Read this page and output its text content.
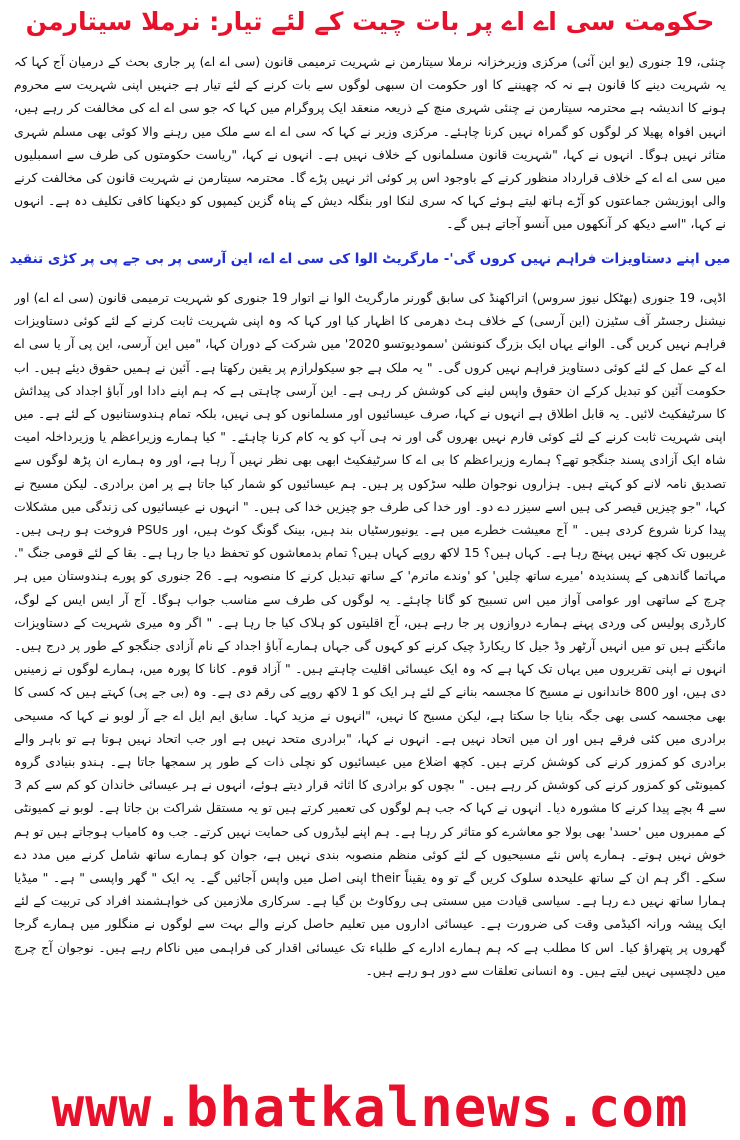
حکومت سی اے اے پر بات چیت کے لئے تیار: نرملا سیتارمن

چنئی، 19 جنوری (یو این آئی) مرکزی وزیرخزانہ نرملا سیتارمن نے شہریت ترمیمی قانون (سی اے اے) پر جاری بحث کے درمیان آج کہا کہ یہ شہریت دینے کا قانون ہے نہ کہ چھیننے کا اور حکومت ان سبھی لوگوں سے بات کرنے کے لئے تیار ہے جنہیں اپنی شہریت سے محروم ہونے کا اندیشہ ہے محترمہ سیتارمن نے چنئی شہری منچ کے ذریعہ منعقد ایک پروگرام میں کہا کہ جو سی اے اے کی مخالفت کر رہے ہیں، انہیں افواہ پھیلا کر لوگوں کو گمراہ نہیں کرنا چاہئے۔ مرکزی وزیر نے کہا کہ سی اے اے سے ملک میں رہنے والا کوئی بھی مسلم شہری متاثر نہیں ہوگا۔ انہوں نے کہا، "شہریت قانون مسلمانوں کے خلاف نہیں ہے۔ انہوں نے کہا، "ریاست حکومتوں کی طرف سے اسمبلیوں میں سی اے اے کے خلاف قرارداد منظور کرنے کے باوجود اس پر کوئی اثر نہیں پڑے گا۔ محترمہ سیتارمن نے شہریت قانون کی مخالفت کرنے والی اپوزیشن جماعتوں کو آڑے ہاتھ لیتے ہوئے کہا کہ سری لنکا اور بنگلہ دیش کے پناہ گزین کیمپوں کو دیکھنا کافی تکلیف دہ ہے۔ انہوں نے کہا، "اسے دیکھ کر آنکھوں میں آنسو آجاتے ہیں گے۔

میں اپنے دستاویزات فراہم نہیں کروں گی'- مارگریٹ الوا کی سی اے اے، این آرسی پر بی جے پی پر کڑی تنقید

اڈپی، 19 جنوری (بھٹکل نیوز سروس) اتراکھنڈ کی سابق گورنر مارگریٹ الوا نے اتوار 19 جنوری کو شہریت ترمیمی قانون (سی اے اے) اور نیشنل رجسٹر آف سٹیزن (این آرسی) کے خلاف ہٹ دھرمی کا اظہار کیا اور کہا کہ وہ اپنی شہریت ثابت کرنے کے لئے کوئی دستاویزات فراہم نہیں کریں گی۔ الوانے یہاں ایک بزرگ کنونشن 'سمودیوتسو 2020' میں شرکت کے دوران کہا، "میں این آرسی، این پی آر یا سی اے اے کے عمل کے لئے کوئی دستاویز فراہم نہیں کروں گی۔ " یہ ملک ہے جو سیکولرازم پر یقین رکھتا ہے۔ آئین نے ہمیں حقوق دیئے ہیں۔ اب حکومت آئین کو تبدیل کرکے ان حقوق واپس لینے کی کوشش کر رہی ہے۔ این آرسی چاہتی ہے کہ ہم اپنے دادا اور آباؤ اجداد کی پیدائش کا سرٹیفکیٹ لائیں۔ یہ قابل اطلاق ہے انہوں نے کہا، صرف عیسائیوں اور مسلمانوں کو ہی نہیں، بلکہ تمام ہندوستانیوں کے لئے ہے۔ میں اپنی شہریت ثابت کرنے کے لئے کوئی فارم نہیں بھروں گی اور نہ ہی آپ کو یہ کام کرنا چاہئے۔ " کیا ہمارے وزیراعظم یا وزیرداخلہ امیت شاہ ایک آزادی پسند جنگجو تھے؟ ہمارے وزیراعظم کا بی اے کا سرٹیفکیٹ ابھی بھی نظر نہیں آ رہا ہے، اور وہ ہمارے ان پڑھ لوگوں سے تصدیق نامہ لانے کو کہتے ہیں۔ ہزاروں نوجوان طلبہ سڑکوں پر ہیں۔ ہم عیسائیوں کو شمار کیا جاتا ہے پر امن برادری۔ لیکن مسیح نے کہا، "جو چیزیں قیصر کی ہیں اسے سیزر دے دو۔ اور خدا کی طرف جو چیزیں خدا کی ہیں۔ " انہوں نے عیسائیوں کی زندگی میں مشکلات پیدا کرنا شروع کردی ہیں۔ " آج معیشت خطرے میں ہے۔ یونیورسٹیاں بند ہیں، بینک گونگ کوٹ ہیں، اور PSUs فروخت ہو رہی ہیں۔ غریبوں تک کچھ نہیں پہنچ رہا ہے۔ کہاں ہیں؟ 15 لاکھ روپے کہاں ہیں؟ تمام بدمعاشوں کو تحفظ دیا جا رہا ہے۔ بقا کے لئے قومی جنگ ". مہاتما گاندھی کے پسندیدہ 'میرے ساتھ چلیں' کو 'وندے ماترم' کے ساتھ تبدیل کرنے کا منصوبہ ہے۔ 26 جنوری کو پورے ہندوستان میں ہر چرچ کے ساتھی اور عوامی آواز میں اس تسبیح کو گانا چاہئے۔ یہ لوگوں کی طرف سے مناسب جواب ہوگا۔ آج آر ایس ایس کے لوگ، کارڈری پولیس کی وردی پہنے ہمارے دروازوں پر جا رہے ہیں، آج اقلیتوں کو ہلاک کیا جا رہا ہے۔ " اگر وہ میری شہریت کے دستاویزات مانگتے ہیں تو میں انہیں آرٹھر وڈ جیل کا ریکارڈ چیک کرنے کو کہوں گی جہاں ہمارے آباؤ اجداد کے نام آزادی جنگجو کے طور پر درج ہیں۔ انہوں نے اپنی تقریروں میں یہاں تک کہا ہے کہ وہ ایک عیسائی اقلیت چاہتے ہیں۔ " آزاد قوم۔ کانا کا پورہ میں، ہمارے لوگوں نے زمینیں دی ہیں، اور 800 خاندانوں نے مسیح کا مجسمہ بنانے کے لئے ہر ایک کو 1 لاکھ روپے کی رقم دی ہے۔ وہ (بی جے پی) کہتے ہیں کہ کسی کا بھی مجسمہ کسی بھی جگہ بنایا جا سکتا ہے، لیکن مسیح کا نہیں، "انہوں نے مزید کہا۔ سابق ایم ایل اے جے آر لوبو نے کہا کہ مسیحی برادری میں کئی فرقے ہیں اور ان میں اتحاد نہیں ہے۔ انہوں نے کہا، "برادری متحد نہیں ہے اور جب اتحاد نہیں ہوتا ہے تو باہر والے برادری کو کمزور کرنے کی کوشش کرتے ہیں۔ کچھ اضلاع میں عیسائیوں کو نچلی ذات کے طور پر سمجھا جاتا ہے۔ ہندو بنیادی گروہ کمیونٹی کو کمزور کرنے کی کوشش کر رہے ہیں۔ " بچوں کو برادری کا اثاثہ قرار دیتے ہوئے، انہوں نے ہر عیسائی خاندان کو کم سے کم 3 سے 4 بچے پیدا کرنے کا مشورہ دیا۔ انہوں نے کہا کہ جب ہم لوگوں کی تعمیر کرتے ہیں تو یہ مستقل شراکت بن جاتا ہے۔ لوبو نے کمیونٹی کے ممبروں میں 'حسد' بھی بولا جو معاشرے کو متاثر کر رہا ہے۔ ہم اپنے لیڈروں کی حمایت نہیں کرتے۔ جب وہ کامیاب ہوجاتے ہیں تو ہم خوش نہیں ہوتے۔ ہمارے پاس نئے مسیحیوں کے لئے کوئی منظم منصوبہ بندی نہیں ہے، جوان کو ہمارے ساتھ شامل کرنے میں مدد دے سکے۔ اگر ہم ان کے ساتھ علیحدہ سلوک کریں گے تو وہ یقیناً their اپنی اصل میں واپس آجائیں گے۔ یہ ایک " گھر واپسی " ہے۔ " میڈیا ہمارا ساتھ نہیں دے رہا ہے۔ سیاسی قیادت میں سستی ہی روکاوٹ بن گیا ہے۔ سرکاری ملازمین کی خواہشمند افراد کی تربیت کے لئے ایک پیشہ ورانہ اکیڈمی وقت کی ضرورت ہے۔ عیسائی اداروں میں تعلیم حاصل کرنے والے بہت سے لوگوں نے منگلور میں ہمارے گرجا گھروں پر پتھراؤ کیا۔ اس کا مطلب ہے کہ ہم ہمارے ادارے کے طلباء تک عیسائی اقدار کی فراہمی میں ناکام رہے ہیں۔ نوجوان آج چرچ میں دلچسپی نہیں لیتے ہیں۔ وہ انسانی تعلقات سے دور ہو رہے ہیں۔

www.bhatkalnews.com
